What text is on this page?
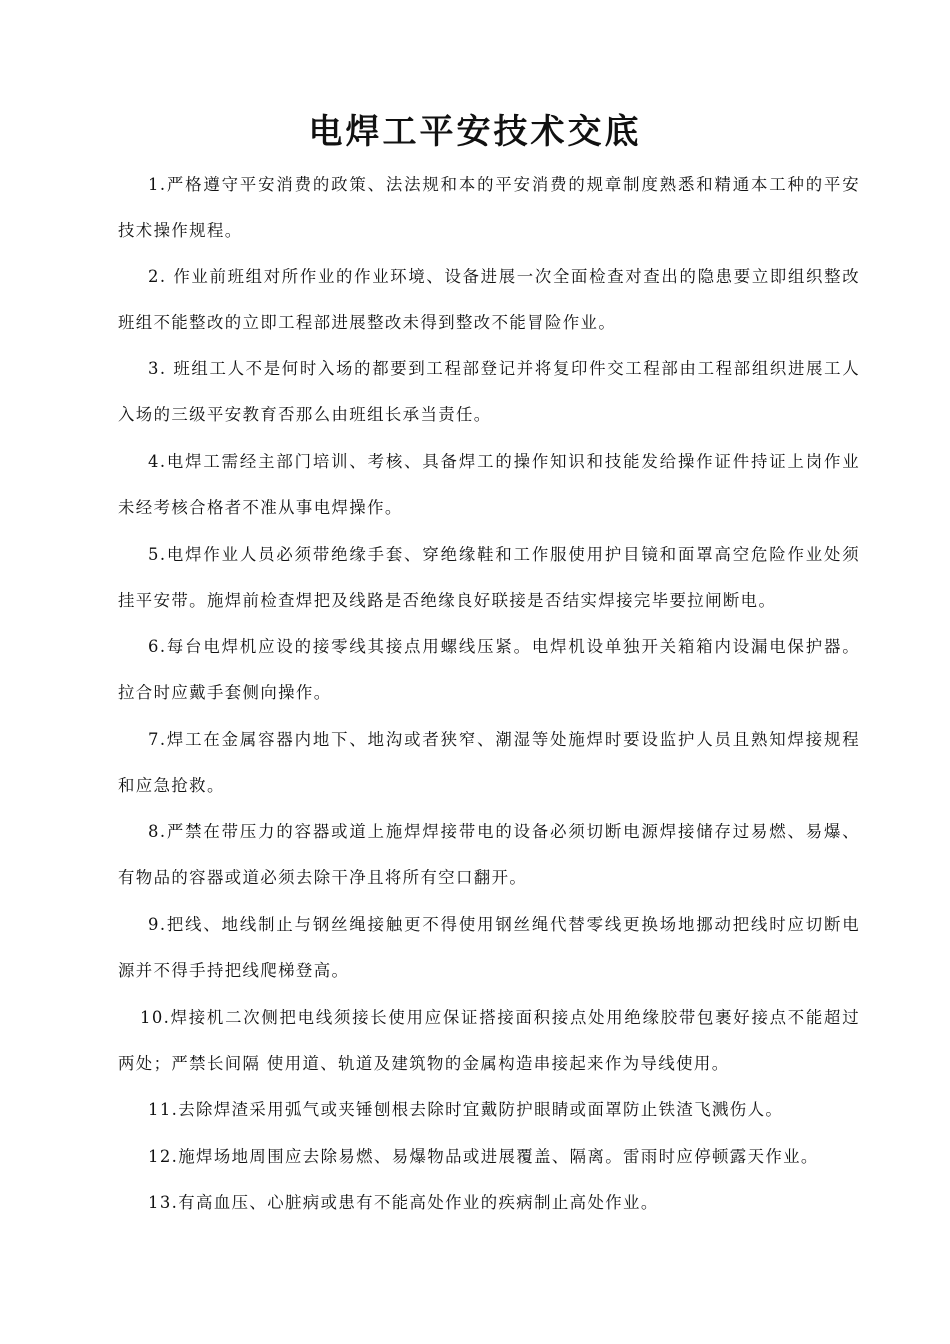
电焊工平安技术交底

1.严格遵守平安消费的政策、法法规和本的平安消费的规章制度熟悉和精通本工种的平安技术操作规程。

2. 作业前班组对所作业的作业环境、设备进展一次全面检查对查出的隐患要立即组织整改班组不能整改的立即工程部进展整改未得到整改不能冒险作业。

3. 班组工人不是何时入场的都要到工程部登记并将复印件交工程部由工程部组织进展工人入场的三级平安教育否那么由班组长承当责任。

4.电焊工需经主部门培训、考核、具备焊工的操作知识和技能发给操作证件持证上岗作业未经考核合格者不准从事电焊操作。

5.电焊作业人员必须带绝缘手套、穿绝缘鞋和工作服使用护目镜和面罩高空危险作业处须挂平安带。施焊前检查焊把及线路是否绝缘良好联接是否结实焊接完毕要拉闸断电。

6.每台电焊机应设的接零线其接点用螺线压紧。电焊机设单独开关箱箱内设漏电保护器。拉合时应戴手套侧向操作。

7.焊工在金属容器内地下、地沟或者狭窄、潮湿等处施焊时要设监护人员且熟知焊接规程和应急抢救。

8.严禁在带压力的容器或道上施焊焊接带电的设备必须切断电源焊接储存过易燃、易爆、有物品的容器或道必须去除干净且将所有空口翻开。

9.把线、地线制止与钢丝绳接触更不得使用钢丝绳代替零线更换场地挪动把线时应切断电源并不得手持把线爬梯登高。

10.焊接机二次侧把电线须接长使用应保证搭接面积接点处用绝缘胶带包裹好接点不能超过两处；严禁长间隔 使用道、轨道及建筑物的金属构造串接起来作为导线使用。

11.去除焊渣采用弧气或夹锤刨根去除时宜戴防护眼睛或面罩防止铁渣飞溅伤人。

12.施焊场地周围应去除易燃、易爆物品或进展覆盖、隔离。雷雨时应停顿露天作业。

13.有高血压、心脏病或患有不能高处作业的疾病制止高处作业。
